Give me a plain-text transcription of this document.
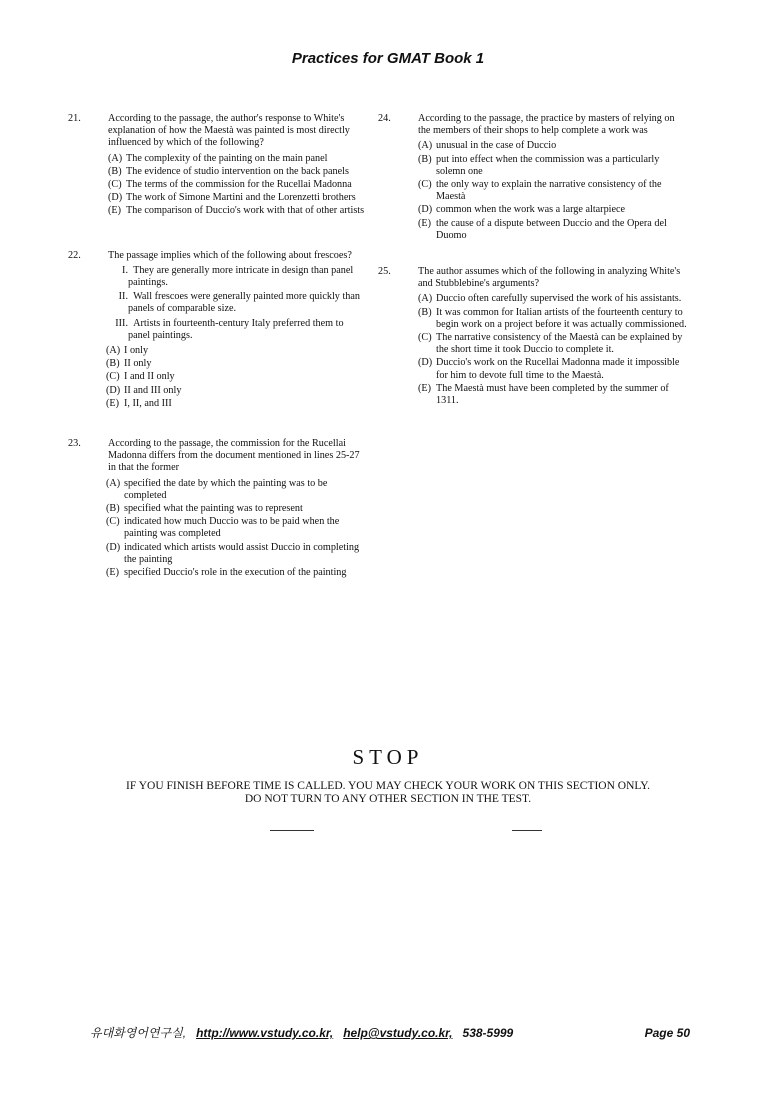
Practices for GMAT Book 1
21.	According to the passage, the author's response to White's explanation of how the Maestà was painted is most directly influenced by which of the following?
(A) The complexity of the painting on the main panel
(B) The evidence of studio intervention on the back panels
(C) The terms of the commission for the Rucellai Madonna
(D) The work of Simone Martini and the Lorenzetti brothers
(E) The comparison of Duccio's work with that of other artists
22.	The passage implies which of the following about frescoes?
I. They are generally more intricate in design than panel paintings.
II. Wall frescoes were generally painted more quickly than panels of comparable size.
III. Artists in fourteenth-century Italy preferred them to panel paintings.
(A) I only
(B) II only
(C) I and II only
(D) II and III only
(E) I, II, and III
23.	According to the passage, the commission for the Rucellai Madonna differs from the document mentioned in lines 25-27 in that the former
(A) specified the date by which the painting was to be completed
(B) specified what the painting was to represent
(C) indicated how much Duccio was to be paid when the painting was completed
(D) indicated which artists would assist Duccio in completing the painting
(E) specified Duccio's role in the execution of the painting
24.	According to the passage, the practice by masters of relying on the members of their shops to help complete a work was
(A) unusual in the case of Duccio
(B) put into effect when the commission was a particularly solemn one
(C) the only way to explain the narrative consistency of the Maestà
(D) common when the work was a large altarpiece
(E) the cause of a dispute between Duccio and the Opera del Duomo
25.	The author assumes which of the following in analyzing White's and Stubblebine's arguments?
(A) Duccio often carefully supervised the work of his assistants.
(B) It was common for Italian artists of the fourteenth century to begin work on a project before it was actually commissioned.
(C) The narrative consistency of the Maestà can be explained by the short time it took Duccio to complete it.
(D) Duccio's work on the Rucellai Madonna made it impossible for him to devote full time to the Maestà.
(E) The Maestà must have been completed by the summer of 1311.
STOP
IF YOU FINISH BEFORE TIME IS CALLED. YOU MAY CHECK YOUR WORK ON THIS SECTION ONLY.
DO NOT TURN TO ANY OTHER SECTION IN THE TEST.
유대화영어연구실, http://www.vstudy.co.kr, help@vstudy.co.kr, 538-5999	Page 50
